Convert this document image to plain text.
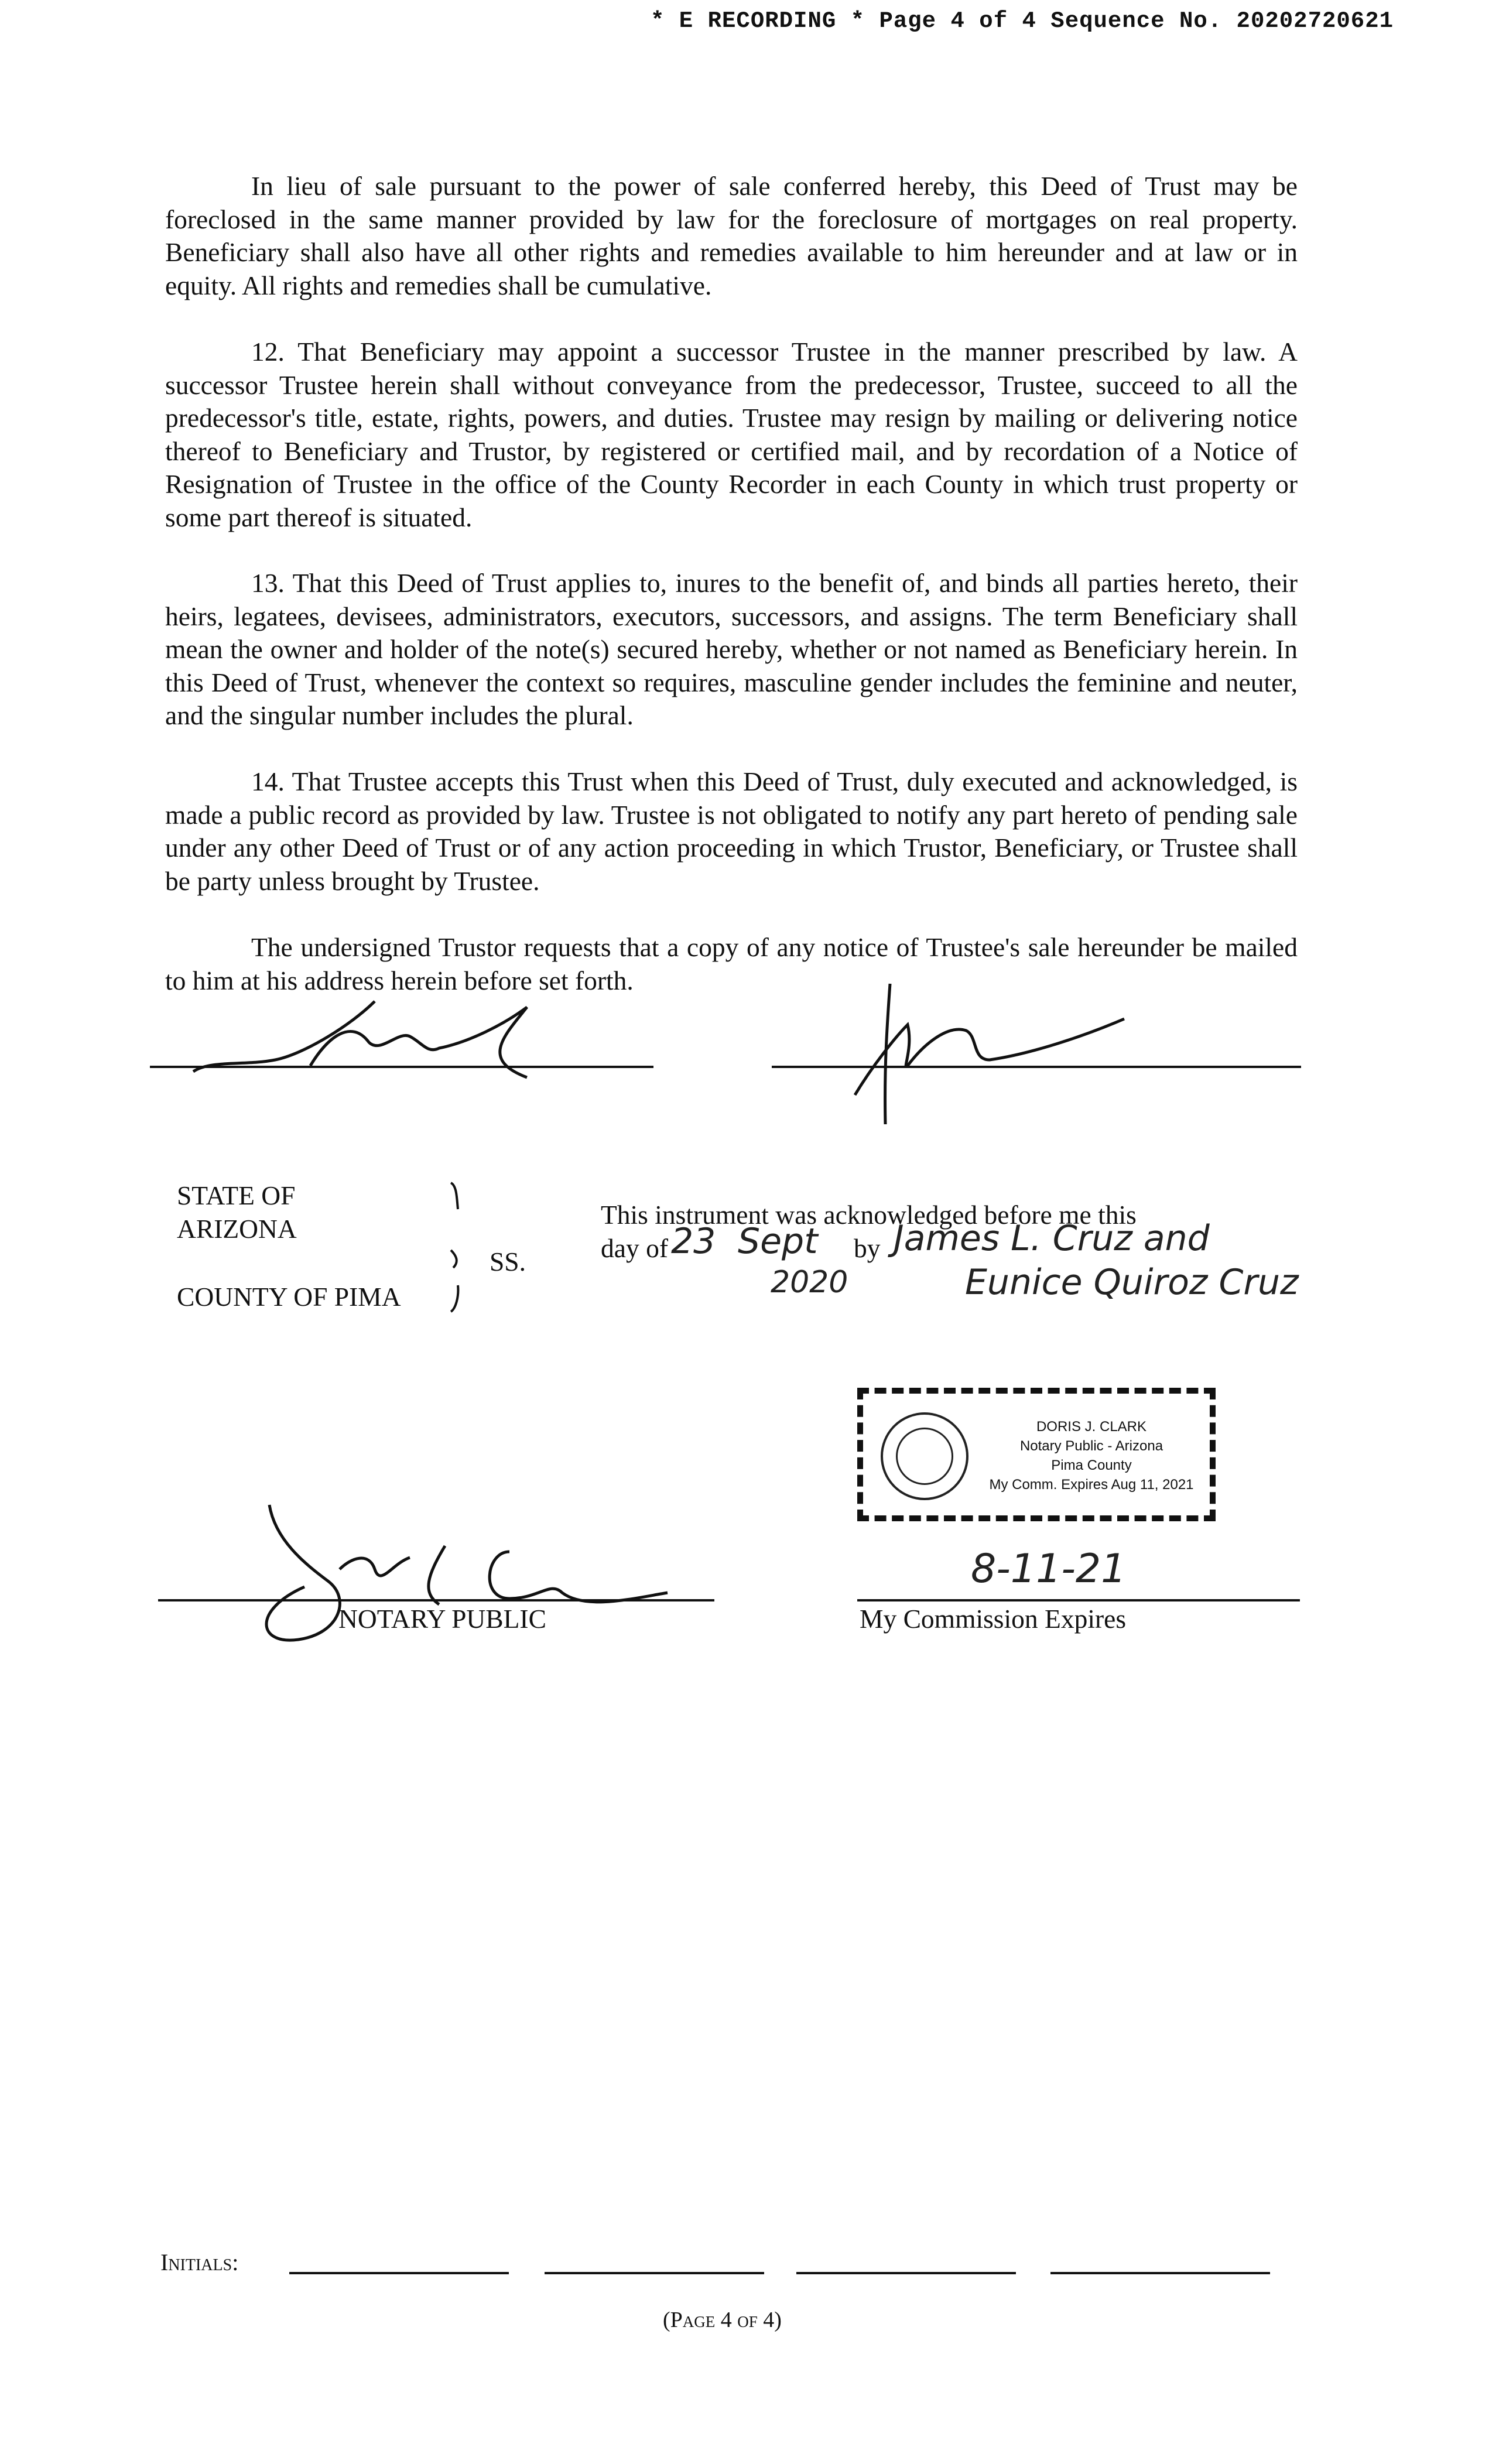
* E RECORDING * Page 4 of 4 Sequence No. 20202720621

In lieu of sale pursuant to the power of sale conferred hereby, this Deed of Trust may be foreclosed in the same manner provided by law for the foreclosure of mortgages on real property. Beneficiary shall also have all other rights and remedies available to him hereunder and at law or in equity. All rights and remedies shall be cumulative.

12. That Beneficiary may appoint a successor Trustee in the manner prescribed by law. A successor Trustee herein shall without conveyance from the predecessor, Trustee, succeed to all the predecessor's title, estate, rights, powers, and duties. Trustee may resign by mailing or delivering notice thereof to Beneficiary and Trustor, by registered or certified mail, and by recordation of a Notice of Resignation of Trustee in the office of the County Recorder in each County in which trust property or some part thereof is situated.

13. That this Deed of Trust applies to, inures to the benefit of, and binds all parties hereto, their heirs, legatees, devisees, administrators, executors, successors, and assigns. The term Beneficiary shall mean the owner and holder of the note(s) secured hereby, whether or not named as Beneficiary herein. In this Deed of Trust, whenever the context so requires, masculine gender includes the feminine and neuter, and the singular number includes the plural.

14. That Trustee accepts this Trust when this Deed of Trust, duly executed and acknowledged, is made a public record as provided by law. Trustee is not obligated to notify any part hereto of pending sale under any other Deed of Trust or of any action proceeding in which Trustor, Beneficiary, or Trustee shall be party unless brought by Trustee.

The undersigned Trustor requests that a copy of any notice of Trustee's sale hereunder be mailed to him at his address herein before set forth.

STATE OF
ARIZONA
COUNTY OF PIMA
SS.
This instrument was acknowledged before me this
day of 23 Sept by James L. Cruz and
2020	Eunice Quiroz Cruz
DORIS J. CLARK
Notary Public - Arizona
Pima County
My Comm. Expires Aug 11, 2021
NOTARY PUBLIC
8-11-21
My Commission Expires
Initials:
(Page 4 of 4)
